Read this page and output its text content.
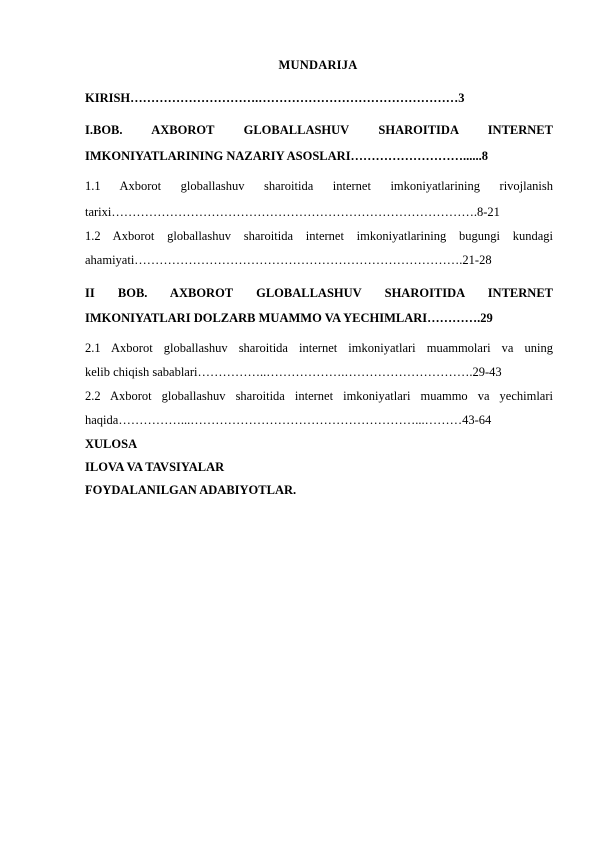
MUNDARIJA
KIRISH………………………….…………………………………………3
I.BOB. AXBOROT GLOBALLASHUV SHAROITIDA INTERNET
IMKONIYATLARINING NAZARIY ASOSLARI………………………......8
1.1 Axborot globallashuv sharoitida internet imkoniyatlarining rivojlanish
tarixi…………………………………………………………………………….8-21
1.2 Axborot globallashuv sharoitida internet imkoniyatlarining bugungi kundagi
ahamiyati…………………………………………………………………….21-28
II BOB. AXBOROT GLOBALLASHUV SHAROITIDA INTERNET
IMKONIYATLARI DOLZARB MUAMMO VA YECHIMLARI………….29
2.1 Axborot globallashuv sharoitida internet imkoniyatlari muammolari va uning
kelib chiqish sabablari……………..……………….………………………….29-43
2.2 Axborot globallashuv sharoitida internet imkoniyatlari muammo va yechimlari
haqida……………...………………………………………………...………43-64
XULOSA
ILOVA VA TAVSIYALAR
FOYDALANILGAN ADABIYOTLAR.
